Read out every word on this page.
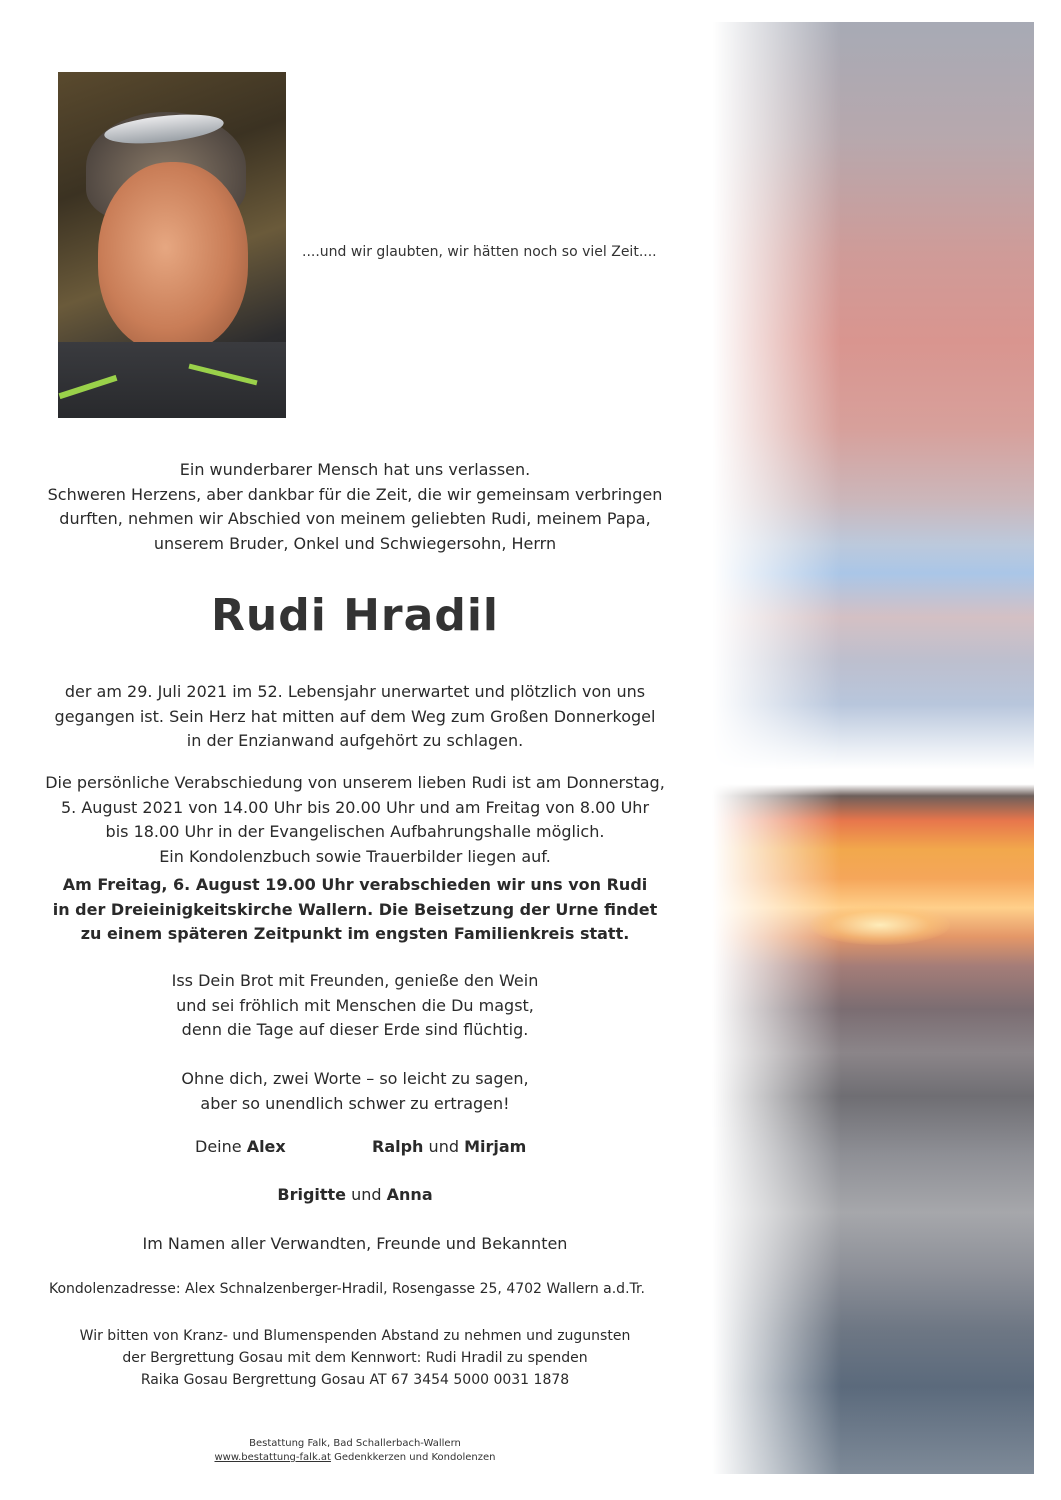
....und wir glaubten, wir hätten noch so viel Zeit....

Ein wunderbarer Mensch hat uns verlassen.

Schweren Herzens, aber dankbar für die Zeit, die wir gemeinsam verbringen

durften, nehmen wir Abschied von meinem geliebten Rudi, meinem Papa,

unserem Bruder, Onkel und Schwiegersohn, Herrn

Rudi Hradil

der am 29. Juli 2021 im 52. Lebensjahr unerwartet und plötzlich von uns

gegangen ist. Sein Herz hat mitten auf dem Weg zum Großen Donnerkogel

in der Enzianwand aufgehört zu schlagen.

Die persönliche Verabschiedung von unserem lieben Rudi ist am Donnerstag,

5. August 2021 von 14.00 Uhr bis 20.00 Uhr und am Freitag von 8.00 Uhr

bis 18.00 Uhr in der Evangelischen Aufbahrungshalle möglich.

Ein Kondolenzbuch sowie Trauerbilder liegen auf.

Am Freitag, 6. August 19.00 Uhr verabschieden wir uns von Rudi

in der Dreieinigkeitskirche Wallern. Die Beisetzung der Urne findet

zu einem späteren Zeitpunkt im engsten Familienkreis statt.

Iss Dein Brot mit Freunden, genieße den Wein

und sei fröhlich mit Menschen die Du magst,

denn die Tage auf dieser Erde sind flüchtig.

Ohne dich, zwei Worte – so leicht zu sagen,

aber so unendlich schwer zu ertragen!

Deine Alex	Ralph und Mirjam
Brigitte und Anna
Im Namen aller Verwandten, Freunde und Bekannten
Kondolenzadresse: Alex Schnalzenberger-Hradil, Rosengasse 25, 4702 Wallern a.d.Tr.

Wir bitten von Kranz- und Blumenspenden Abstand zu nehmen und zugunsten

der Bergrettung Gosau mit dem Kennwort: Rudi Hradil zu spenden

Raika Gosau Bergrettung Gosau AT 67 3454 5000 0031 1878

Bestattung Falk, Bad Schallerbach-Wallern
www.bestattung-falk.at Gedenkkerzen und Kondolenzen
